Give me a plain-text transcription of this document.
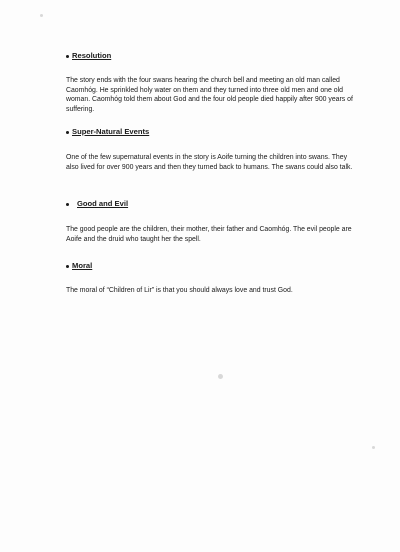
Resolution

The story ends with the four swans hearing the church bell and meeting an old man called Caomhóg. He sprinkled holy water on them and they turned into three old men and one old woman. Caomhóg told them about God and the four old people died happily after 900 years of suffering.

Super-Natural Events

One of the few supernatural events in the story is Aoife turning the children into swans. They also lived for over 900 years and then they turned back to humans. The swans could also talk.

Good and Evil

The good people are the children, their mother, their father and Caomhóg. The evil people are Aoife and the druid who taught her the spell.

Moral

The moral of “Children of Lir” is that you should always love and trust God.
